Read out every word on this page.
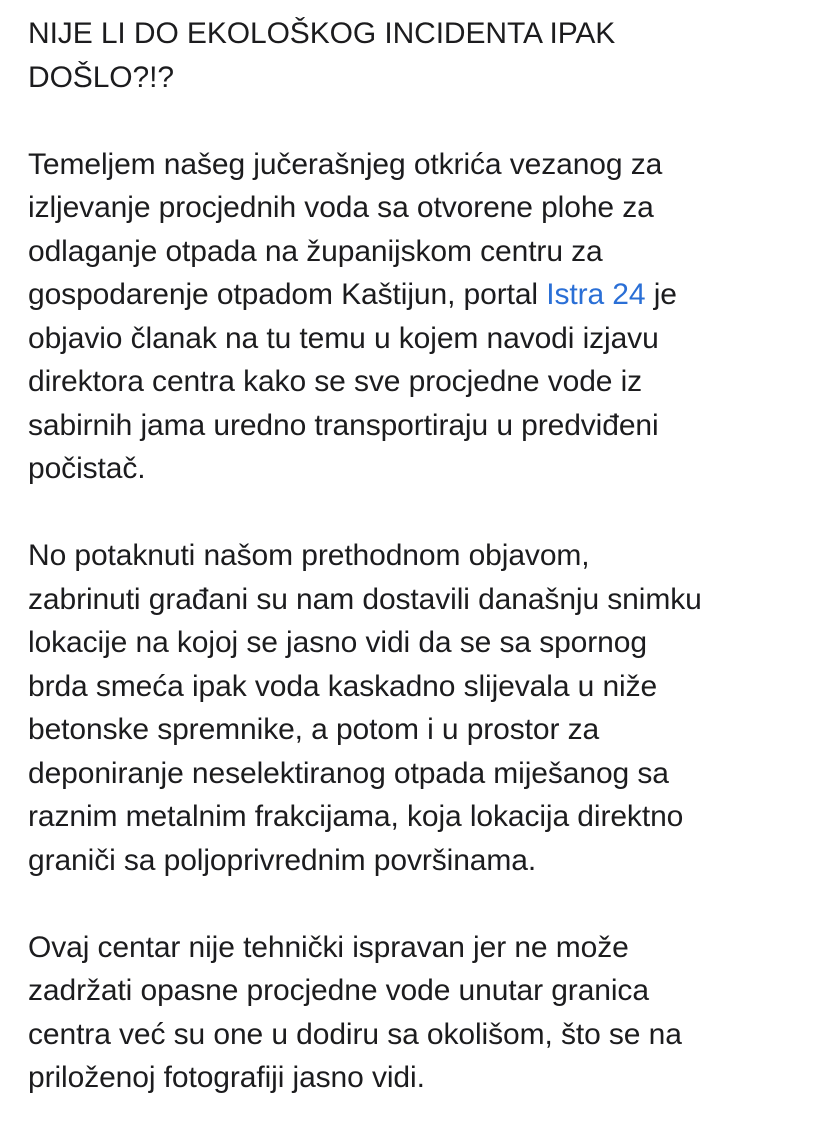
NIJE LI DO EKOLOŠKOG INCIDENTA IPAK
DOŠLO?!?
Temeljem našeg jučerašnjeg otkrića vezanog za
izljevanje procjednih voda sa otvorene plohe za
odlaganje otpada na županijskom centru za
gospodarenje otpadom Kaštijun, portal Istra 24 je
objavio članak na tu temu u kojem navodi izjavu
direktora centra kako se sve procjedne vode iz
sabirnih jama uredno transportiraju u predviđeni
počistač.
No potaknuti našom prethodnom objavom,
zabrinuti građani su nam dostavili današnju snimku
lokacije na kojoj se jasno vidi da se sa spornog
brda smeća ipak voda kaskadno slijevala u niže
betonske spremnike, a potom i u prostor za
deponiranje neselektiranog otpada miješanog sa
raznim metalnim frakcijama, koja lokacija direktno
graniči sa poljoprivrednim površinama.
Ovaj centar nije tehnički ispravan jer ne može
zadržati opasne procjedne vode unutar granica
centra već su one u dodiru sa okolišom, što se na
priloženoj fotografiji jasno vidi.
